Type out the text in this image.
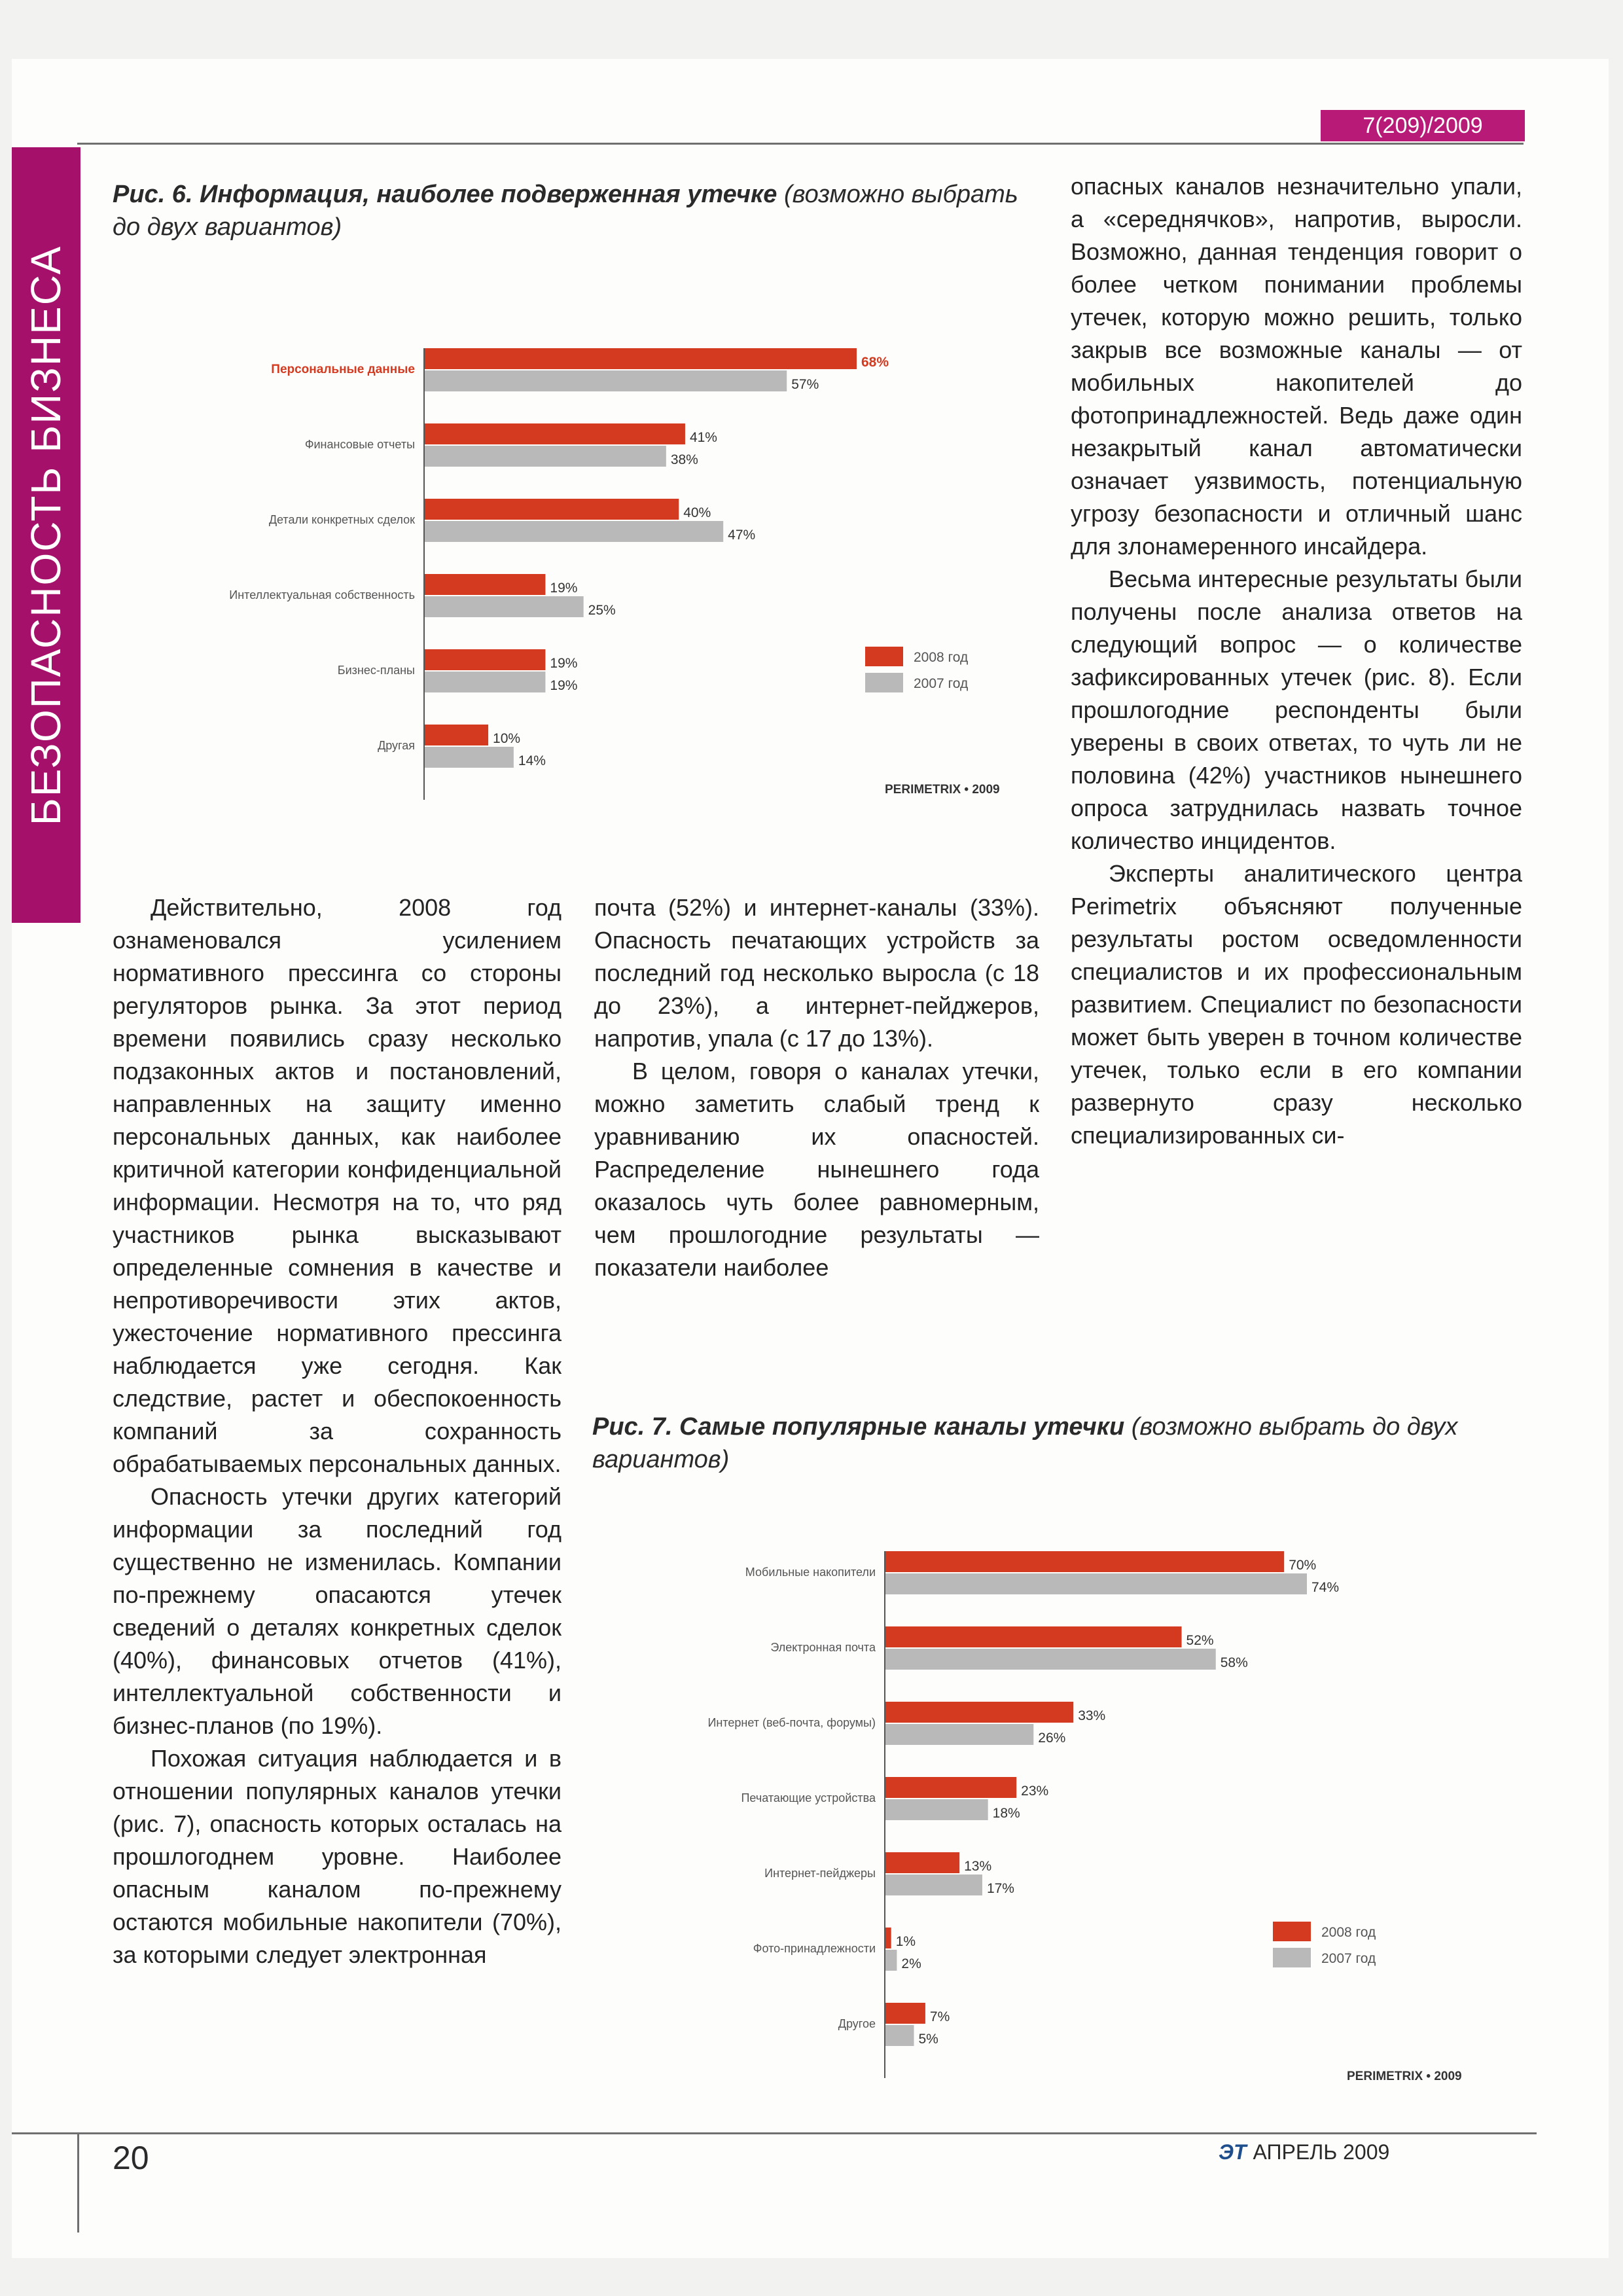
7(209)/2009
БЕЗОПАСНОСТЬ БИЗНЕСА
Рис. 6. Информация, наиболее подверженная утечке (возможно выбрать до двух вариантов)
Персональные данные	68%
57%
Финансовые отчеты	41%
38%
Детали конкретных сделок	40%
47%
Интеллектуальная собственность	19%
25%
Бизнес-планы	19%
19%
Другая	10%
14%
2008 год
2007 год
PERIMETRIX • 2009

опасных каналов незначительно упали, а «середнячков», напротив, выросли. Возможно, данная тенденция говорит о более четком понимании проблемы утечек, которую можно решить, только закрыв все возможные каналы — от мобильных накопителей до фотопринадлежностей. Ведь даже один незакрытый канал автоматически означает уязвимость, потенциальную угрозу безопасности и отличный шанс для злонамеренного инсайдера.

Весьма интересные результаты были получены после анализа ответов на следующий вопрос — о количестве зафиксированных утечек (рис. 8). Если прошлогодние респонденты были уверены в своих ответах, то чуть ли не половина (42%) участников нынешнего опроса затруднилась назвать точное количество инцидентов.

Эксперты аналитического центра Perimetrix объясняют полученные результаты ростом осведомленности специалистов и их профессиональным развитием. Специалист по безопасности может быть уверен в точном количестве утечек, только если в его компании развернуто сразу несколько специализированных си-

Действительно, 2008 год ознаменовался усилением нормативного прессинга со стороны регуляторов рынка. За этот период времени появились сразу несколько подзаконных актов и постановлений, направленных на защиту именно персональных данных, как наиболее критичной категории конфиденциальной информации. Несмотря на то, что ряд участников рынка высказывают определенные сомнения в качестве и непротиворечивости этих актов, ужесточение нормативного прессинга наблюдается уже сегодня. Как следствие, растет и обеспокоенность компаний за сохранность обрабатываемых персональных данных.

Опасность утечки других категорий информации за последний год существенно не изменилась. Компании по-прежнему опасаются утечек сведений о деталях конкретных сделок (40%), финансовых отчетов (41%), интеллектуальной собственности и бизнес-планов (по 19%).

Похожая ситуация наблюдается и в отношении популярных каналов утечки (рис. 7), опасность которых осталась на прошлогоднем уровне. Наиболее опасным каналом по-прежнему остаются мобильные накопители (70%), за которыми следует электронная

почта (52%) и интернет-каналы (33%). Опасность печатающих устройств за последний год несколько выросла (с 18 до 23%), а интернет-пейджеров, напротив, упала (с 17 до 13%).

В целом, говоря о каналах утечки, можно заметить слабый тренд к уравниванию их опасностей. Распределение нынешнего года оказалось чуть более равномерным, чем прошлогодние результаты — показатели наиболее

Рис. 7. Самые популярные каналы утечки (возможно выбрать до двух вариантов)
Мобильные накопители	70%
74%
Электронная почта	52%
58%
Интернет (веб-почта, форумы)	33%
26%
Печатающие устройства	23%
18%
Интернет-пейджеры	13%
17%
Фото-принадлежности 1%
2%
Другое	7%
5%
2008 год
2007 год
PERIMETRIX • 2009
20	ЭТ АПРЕЛЬ 2009
